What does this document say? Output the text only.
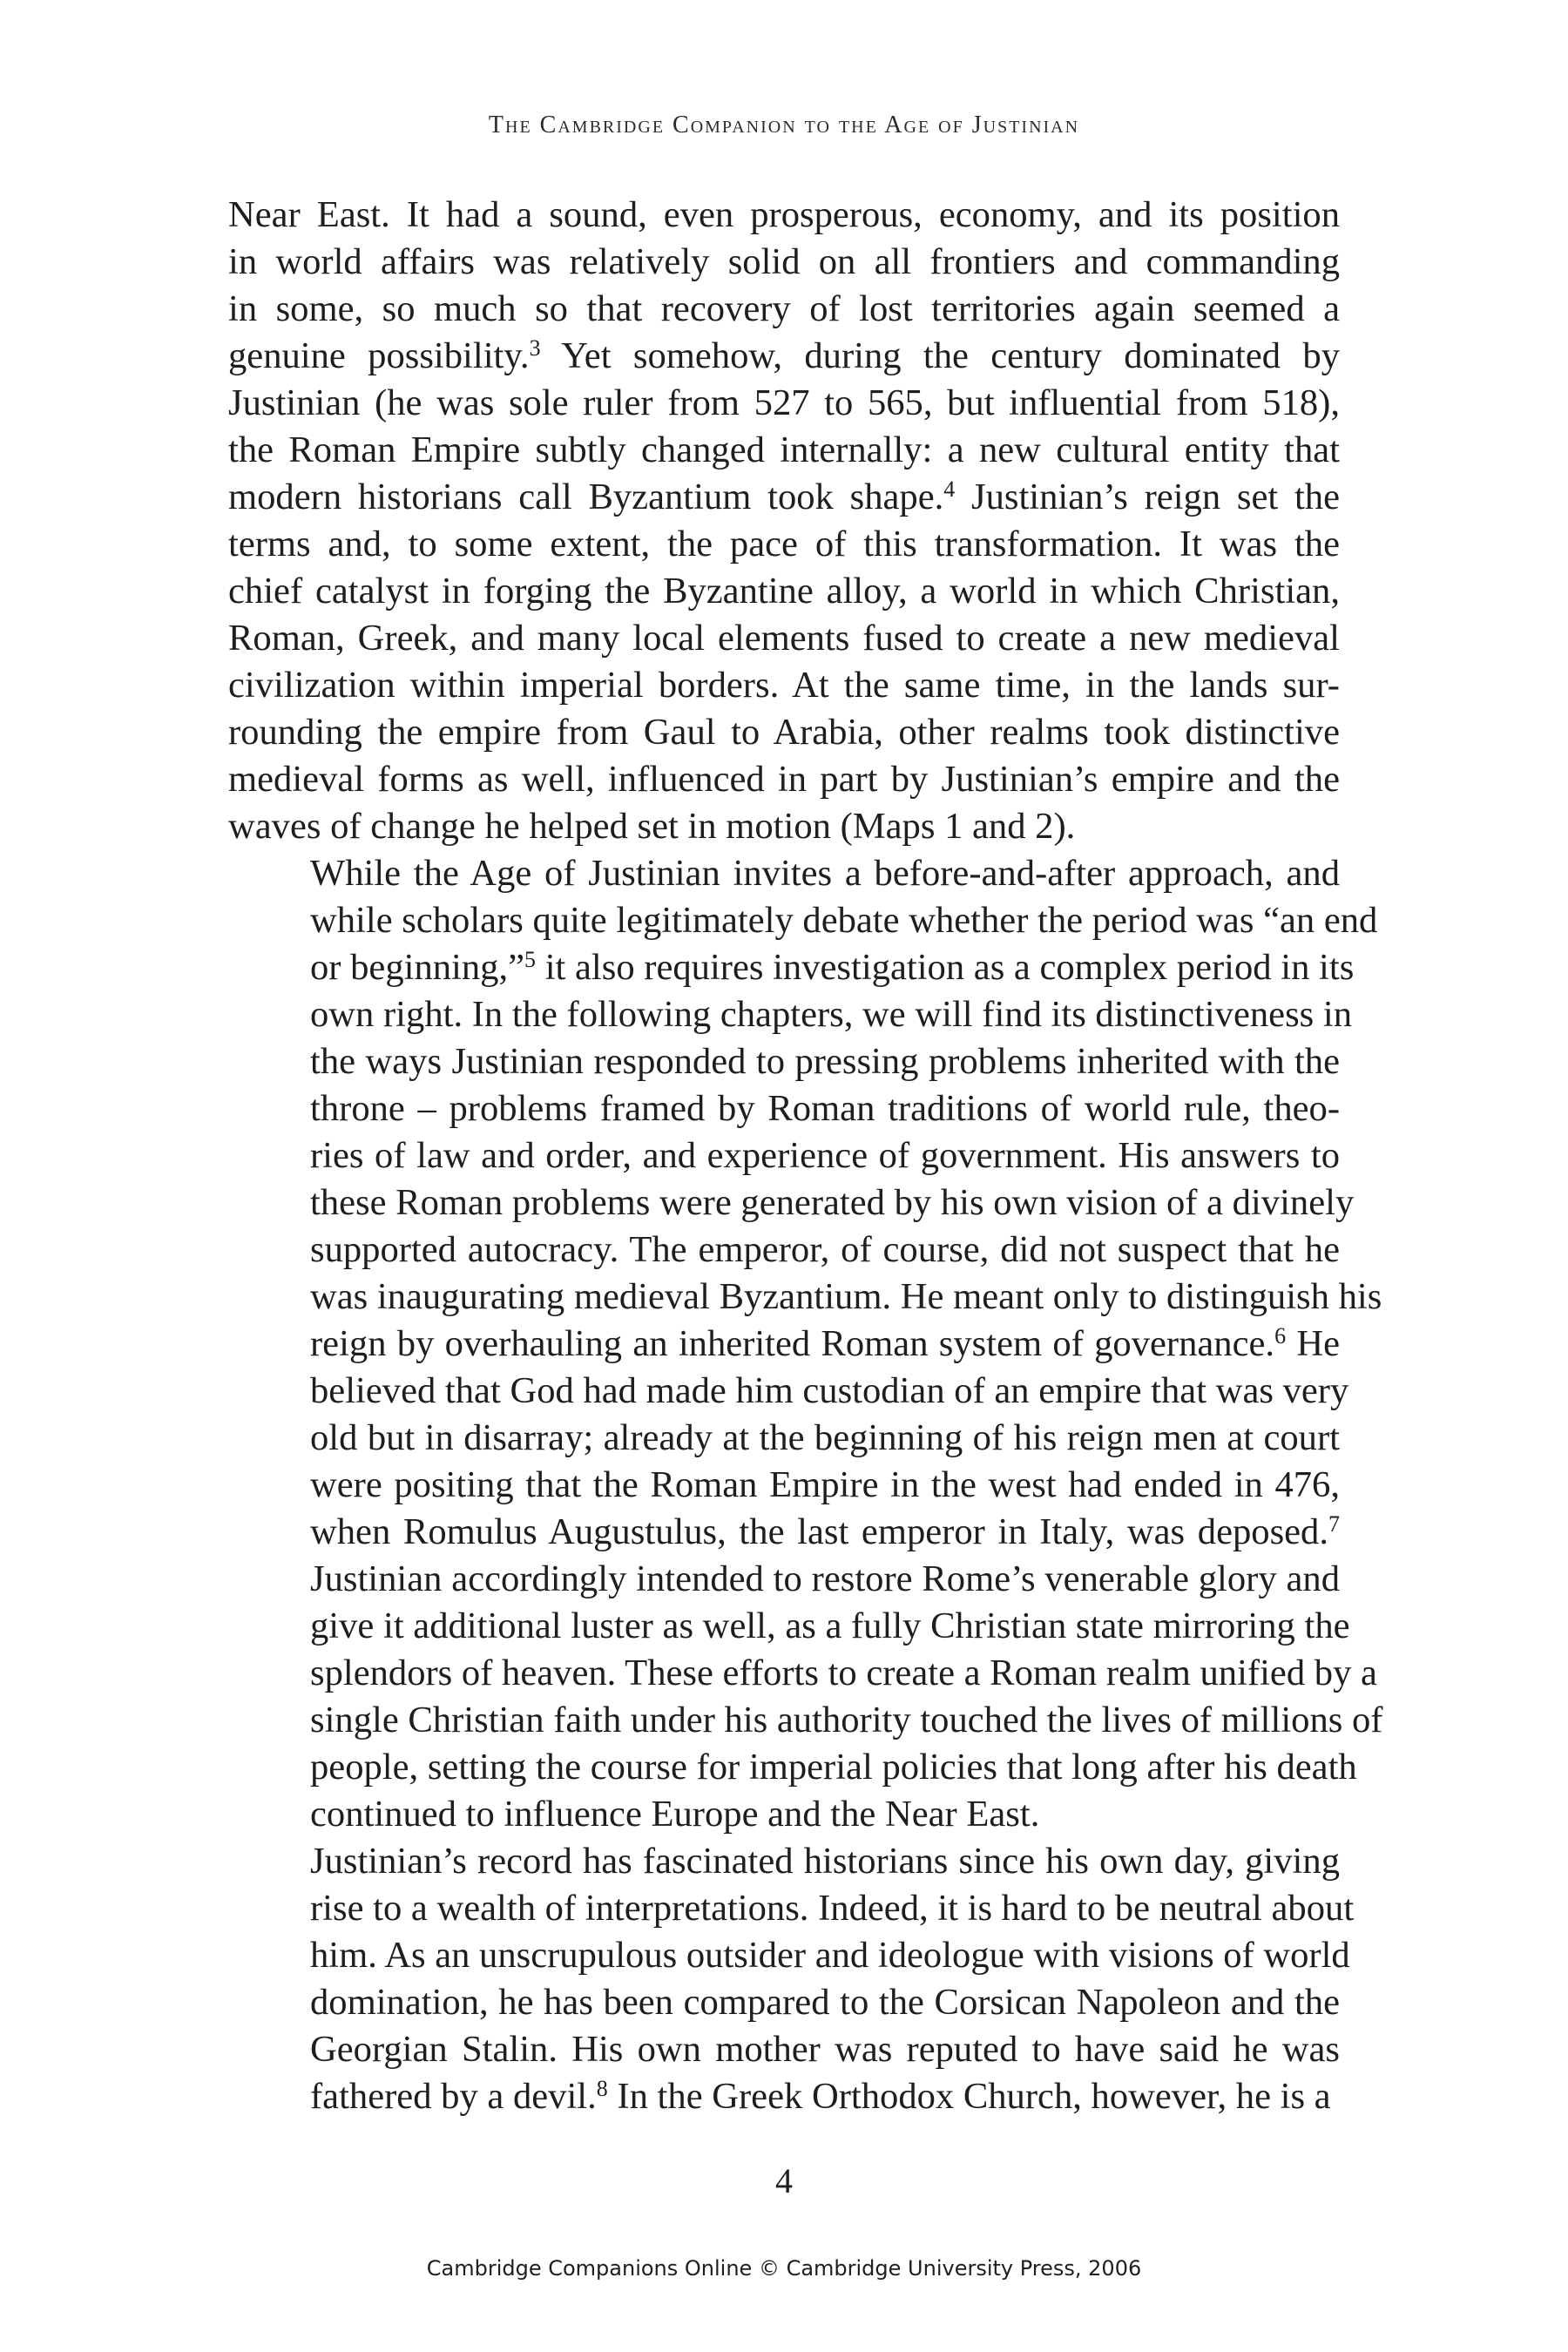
The Cambridge Companion to the Age of Justinian

Near East. It had a sound, even prosperous, economy, and its position
in world affairs was relatively solid on all frontiers and commanding
in some, so much so that recovery of lost territories again seemed a
genuine possibility.$^3$ Yet somehow, during the century dominated by
Justinian (he was sole ruler from 527 to 565, but influential from 518),
the Roman Empire subtly changed internally: a new cultural entity that
modern historians call Byzantium took shape.$^4$ Justinian’s reign set the
terms and, to some extent, the pace of this transformation. It was the
chief catalyst in forging the Byzantine alloy, a world in which Christian,
Roman, Greek, and many local elements fused to create a new medieval
civilization within imperial borders. At the same time, in the lands sur-
rounding the empire from Gaul to Arabia, other realms took distinctive
medieval forms as well, influenced in part by Justinian’s empire and the
waves of change he helped set in motion (Maps 1 and 2).

While the Age of Justinian invites a before-and-after approach, and
while scholars quite legitimately debate whether the period was “an end
or beginning,”$^5$ it also requires investigation as a complex period in its
own right. In the following chapters, we will find its distinctiveness in
the ways Justinian responded to pressing problems inherited with the
throne – problems framed by Roman traditions of world rule, theo-
ries of law and order, and experience of government. His answers to
these Roman problems were generated by his own vision of a divinely
supported autocracy. The emperor, of course, did not suspect that he
was inaugurating medieval Byzantium. He meant only to distinguish his
reign by overhauling an inherited Roman system of governance.$^6$ He
believed that God had made him custodian of an empire that was very
old but in disarray; already at the beginning of his reign men at court
were positing that the Roman Empire in the west had ended in 476,
when Romulus Augustulus, the last emperor in Italy, was deposed.$^7$
Justinian accordingly intended to restore Rome’s venerable glory and
give it additional luster as well, as a fully Christian state mirroring the
splendors of heaven. These efforts to create a Roman realm unified by a
single Christian faith under his authority touched the lives of millions of
people, setting the course for imperial policies that long after his death
continued to influence Europe and the Near East.

Justinian’s record has fascinated historians since his own day, giving
rise to a wealth of interpretations. Indeed, it is hard to be neutral about
him. As an unscrupulous outsider and ideologue with visions of world
domination, he has been compared to the Corsican Napoleon and the
Georgian Stalin. His own mother was reputed to have said he was
fathered by a devil.$^8$ In the Greek Orthodox Church, however, he is a

4
Cambridge Companions Online © Cambridge University Press, 2006
